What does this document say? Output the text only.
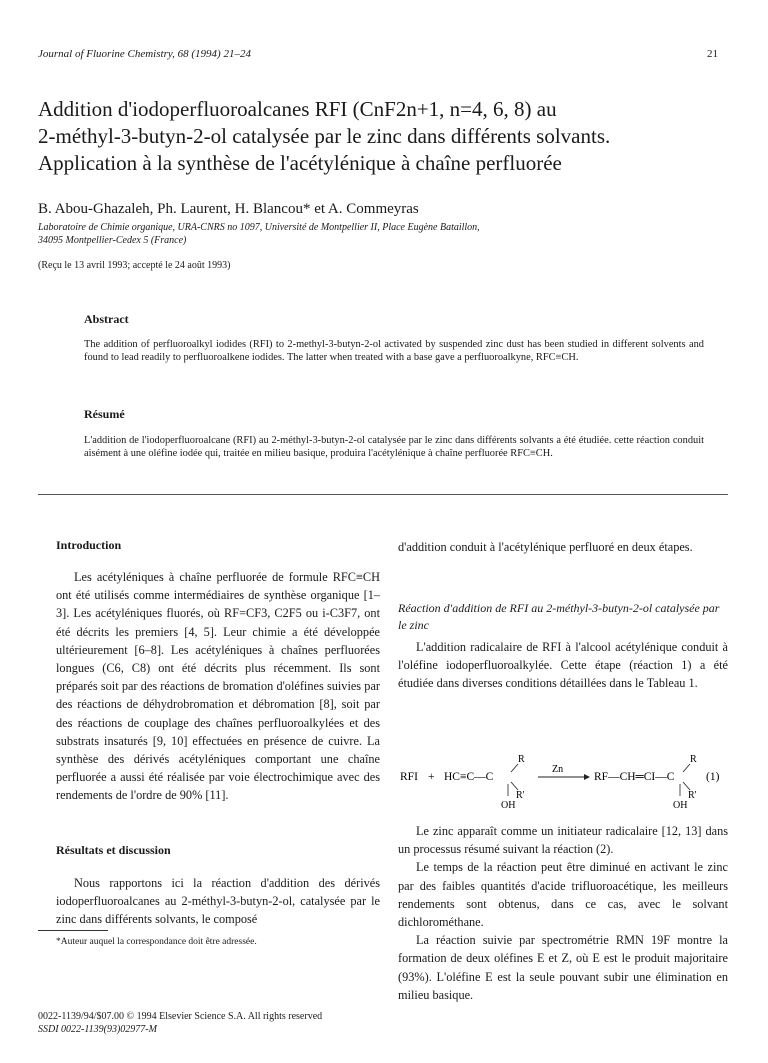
Journal of Fluorine Chemistry, 68 (1994) 21–24	21
Addition d'iodoperfluoroalcanes RFI (CnF2n+1, n=4, 6, 8) au
2-méthyl-3-butyn-2-ol catalysée par le zinc dans différents solvants.
Application à la synthèse de l'acétylénique à chaîne perfluorée
B. Abou-Ghazaleh, Ph. Laurent, H. Blancou* et A. Commeyras
Laboratoire de Chimie organique, URA-CNRS no 1097, Université de Montpellier II, Place Eugène Bataillon,
34095 Montpellier-Cedex 5 (France)
(Reçu le 13 avril 1993; accepté le 24 août 1993)
Abstract
The addition of perfluoroalkyl iodides (RFI) to 2-methyl-3-butyn-2-ol activated by suspended zinc dust has been studied in different solvents and found to lead readily to perfluoroalkene iodides. The latter when treated with a base gave a perfluoroalkyne, RFC≡CH.
Résumé
L'addition de l'iodoperfluoroalcane (RFI) au 2-méthyl-3-butyn-2-ol catalysée par le zinc dans différents solvants a été étudiée. cette réaction conduit aisément à une oléfine iodée qui, traitée en milieu basique, produira l'acétylénique à chaîne perfluorée RFC≡CH.
Introduction

Les acétyléniques à chaîne perfluorée de formule RFC≡CH ont été utilisés comme intermédiaires de synthèse organique [1–3]. Les acétyléniques fluorés, où RF=CF3, C2F5 ou i-C3F7, ont été décrits les premiers [4, 5]. Leur chimie a été développée ultérieurement [6–8]. Les acétyléniques à chaînes perfluorées longues (C6, C8) ont été décrits plus récemment. Ils sont préparés soit par des réactions de bromation d'oléfines suivies par des réactions de déhydrobromation et débromation [8], soit par des réactions de couplage des chaînes perfluoroalkylées et des substrats insaturés [9, 10] effectuées en présence de cuivre. La synthèse des dérivés acétyléniques comportant une chaîne perfluorée a aussi été réalisée par voie électrochimique avec des rendements de l'ordre de 90% [11].

Résultats et discussion

Nous rapportons ici la réaction d'addition des dérivés iodoperfluoroalcanes au 2-méthyl-3-butyn-2-ol, catalysée par le zinc dans différents solvants, le composé

*Auteur auquel la correspondance doit être adressée.
0022-1139/94/$07.00 © 1994 Elsevier Science S.A. All rights reserved
SSDI 0022-1139(93)02977-M

d'addition conduit à l'acétylénique perfluoré en deux étapes.

Réaction d'addition de RFI au 2-méthyl-3-butyn-2-ol catalysée par le zinc

L'addition radicalaire de RFI à l'alcool acétylénique conduit à l'oléfine iodoperfluoroalkylée. Cette étape (réaction 1) a été étudiée dans diverses conditions détaillées dans le Tableau 1.

RFI + HC≡C—C
R
R'
OH
Zn
RF—CH═CI—C
R
R'
OH
(1)

Le zinc apparaît comme un initiateur radicalaire [12, 13] dans un processus résumé suivant la réaction (2).

Le temps de la réaction peut être diminué en activant le zinc par des faibles quantités d'acide trifluoroacétique, les meilleurs rendements sont obtenus, dans ce cas, avec le solvant dichlorométhane.

La réaction suivie par spectrométrie RMN 19F montre la formation de deux oléfines E et Z, où E est le produit majoritaire (93%). L'oléfine E est la seule pouvant subir une élimination en milieu basique.
